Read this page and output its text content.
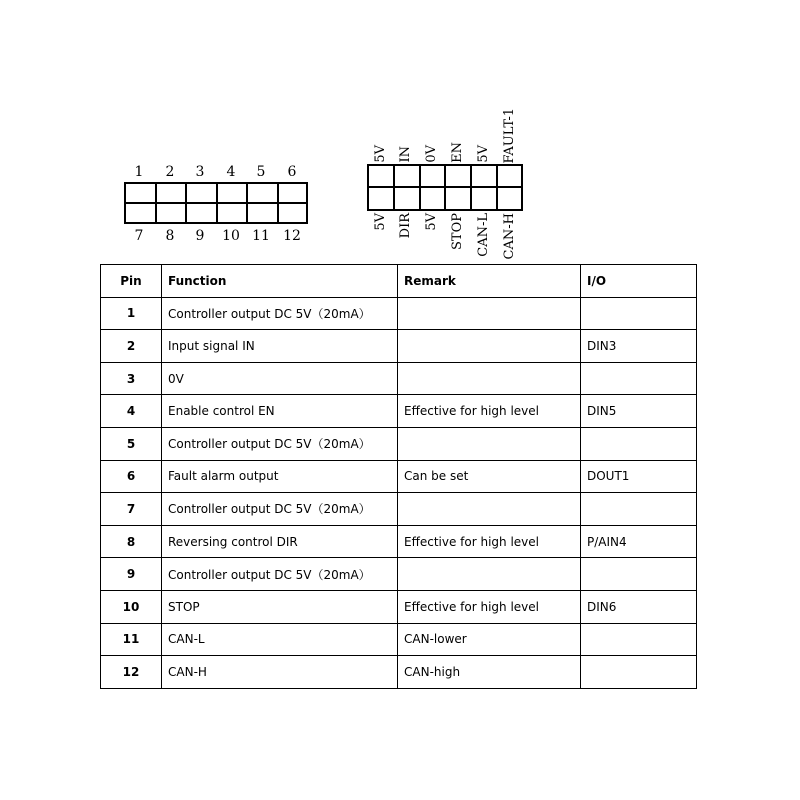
1	2	3	4	5	6
7	8	9	10 11 12
5V IN 0V EN 5V FAULT-1
5V DIR 5V STOP CAN-L CAN-H
Pin	Function	Remark	I/O
1	Controller output DC 5V（20mA）		
2	Input signal IN		DIN3
3	0V		
4	Enable control EN	Effective for high level	DIN5
5	Controller output DC 5V（20mA）		
6	Fault alarm output	Can be set	DOUT1
7	Controller output DC 5V（20mA）		
8	Reversing control DIR	Effective for high level	P/AIN4
9	Controller output DC 5V（20mA）		
10	STOP	Effective for high level	DIN6
11	CAN-L	CAN-lower	
12	CAN-H	CAN-high	
